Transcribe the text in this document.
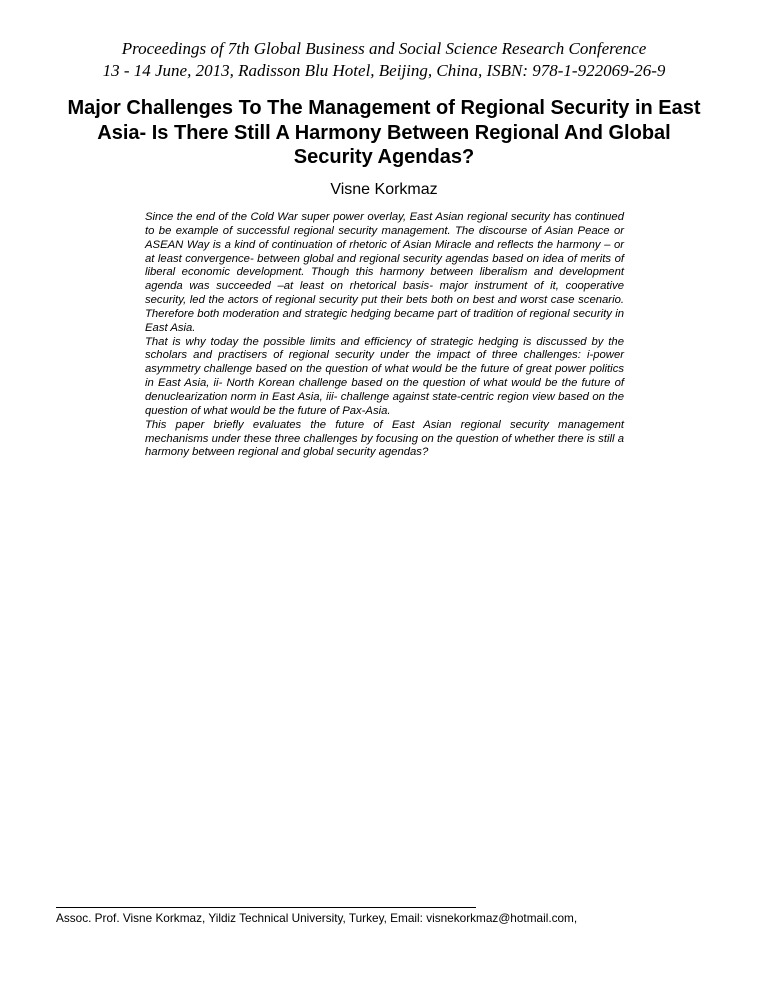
Proceedings of 7th Global Business and Social Science Research Conference
13 - 14 June, 2013, Radisson Blu Hotel, Beijing, China, ISBN: 978-1-922069-26-9
Major Challenges To The Management of Regional Security in East Asia- Is There Still A Harmony Between Regional And Global Security Agendas?
Visne Korkmaz

Since the end of the Cold War super power overlay, East Asian regional security has continued to be example of successful regional security management. The discourse of Asian Peace or ASEAN Way is a kind of continuation of rhetoric of Asian Miracle and reflects the harmony – or at least convergence- between global and regional security agendas based on idea of merits of liberal economic development. Though this harmony between liberalism and development agenda was succeeded –at least on rhetorical basis- major instrument of it, cooperative security, led the actors of regional security put their bets both on best and worst case scenario. Therefore both moderation and strategic hedging became part of tradition of regional security in East Asia.

That is why today the possible limits and efficiency of strategic hedging is discussed by the scholars and practisers of regional security under the impact of three challenges: i-power asymmetry challenge based on the question of what would be the future of great power politics in East Asia, ii- North Korean challenge based on the question of what would be the future of denuclearization norm in East Asia, iii- challenge against state-centric region view based on the question of what would be the future of Pax-Asia.

This paper briefly evaluates the future of East Asian regional security management mechanisms under these three challenges by focusing on the question of whether there is still a harmony between regional and global security agendas?

Assoc. Prof. Visne Korkmaz, Yildiz Technical University, Turkey, Email: visnekorkmaz@hotmail.com,
